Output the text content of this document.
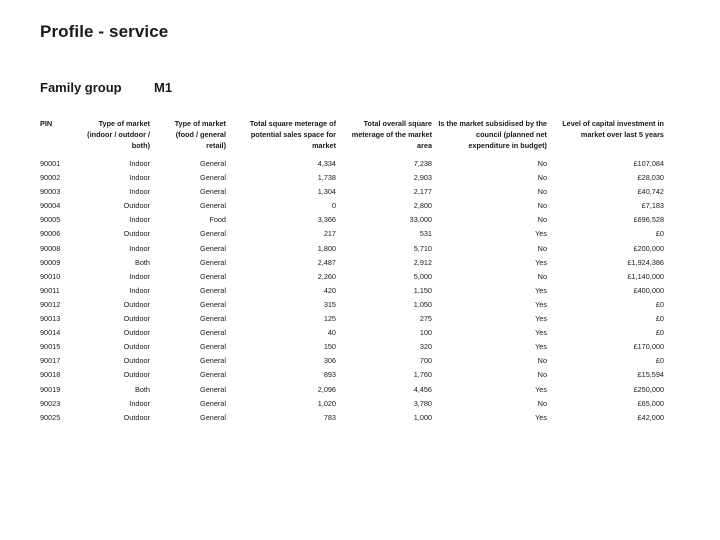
Profile - service
Family group M1
PIN	Type of market (indoor / outdoor / both)	Type of market (food / general retail)	Total square meterage of potential sales space for market	Total overall square meterage of the market area	Is the market subsidised by the council (planned net expenditure in budget)	Level of capital investment in market over last 5 years
90001	Indoor	General	4,334	7,238	No	£107,084
90002	Indoor	General	1,738	2,903	No	£28,030
90003	Indoor	General	1,304	2,177	No	£40,742
90004	Outdoor	General	0	2,800	No	£7,183
90005	Indoor	Food	3,366	33,000	No	£696,528
90006	Outdoor	General	217	531	Yes	£0
90008	Indoor	General	1,800	5,710	No	£200,000
90009	Both	General	2,487	2,912	Yes	£1,924,386
90010	Indoor	General	2,260	5,000	No	£1,140,000
90011	Indoor	General	420	1,150	Yes	£400,000
90012	Outdoor	General	315	1,050	Yes	£0
90013	Outdoor	General	125	275	Yes	£0
90014	Outdoor	General	40	100	Yes	£0
90015	Outdoor	General	150	320	Yes	£170,000
90017	Outdoor	General	306	700	No	£0
90018	Outdoor	General	893	1,760	No	£15,594
90019	Both	General	2,096	4,456	Yes	£250,000
90023	Indoor	General	1,020	3,780	No	£65,000
90025	Outdoor	General	783	1,000	Yes	£42,000
